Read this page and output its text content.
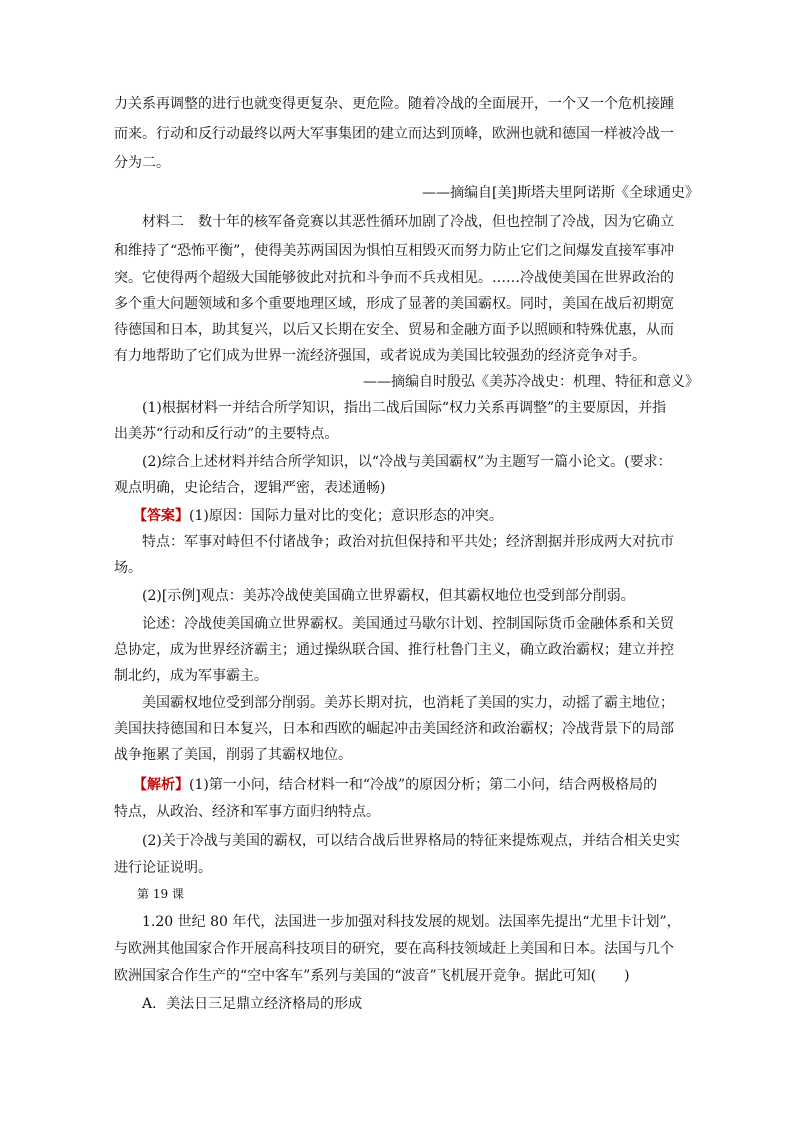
力关系再调整的进行也就变得更复杂、更危险。随着冷战的全面展开，一个又一个危机接踵
而来。行动和反行动最终以两大军事集团的建立而达到顶峰，欧洲也就和德国一样被冷战一
分为二。
——摘编自[美]斯塔夫里阿诺斯《全球通史》
材料二　数十年的核军备竞赛以其恶性循环加剧了冷战，但也控制了冷战，因为它确立
和维持了“恐怖平衡”，使得美苏两国因为惧怕互相毁灭而努力防止它们之间爆发直接军事冲
突。它使得两个超级大国能够彼此对抗和斗争而不兵戎相见。……冷战使美国在世界政治的
多个重大问题领域和多个重要地理区域，形成了显著的美国霸权。同时，美国在战后初期宽
待德国和日本，助其复兴，以后又长期在安全、贸易和金融方面予以照顾和特殊优惠，从而
有力地帮助了它们成为世界一流经济强国，或者说成为美国比较强劲的经济竞争对手。
——摘编自时殷弘《美苏冷战史：机理、特征和意义》
(1)根据材料一并结合所学知识，指出二战后国际“权力关系再调整”的主要原因，并指
出美苏“行动和反行动”的主要特点。
(2)综合上述材料并结合所学知识，以“冷战与美国霸权”为主题写一篇小论文。(要求：
观点明确，史论结合，逻辑严密，表述通畅)
【答案】(1)原因：国际力量对比的变化；意识形态的冲突。
特点：军事对峙但不付诸战争；政治对抗但保持和平共处；经济割据并形成两大对抗市
场。
(2)[示例]观点：美苏冷战使美国确立世界霸权，但其霸权地位也受到部分削弱。
论述：冷战使美国确立世界霸权。美国通过马歇尔计划、控制国际货币金融体系和关贸
总协定，成为世界经济霸主；通过操纵联合国、推行杜鲁门主义，确立政治霸权；建立并控
制北约，成为军事霸主。
美国霸权地位受到部分削弱。美苏长期对抗，也消耗了美国的实力，动摇了霸主地位；
美国扶持德国和日本复兴，日本和西欧的崛起冲击美国经济和政治霸权；冷战背景下的局部
战争拖累了美国，削弱了其霸权地位。
【解析】(1)第一小问，结合材料一和“冷战”的原因分析；第二小问，结合两极格局的
特点，从政治、经济和军事方面归纳特点。
(2)关于冷战与美国的霸权，可以结合战后世界格局的特征来提炼观点，并结合相关史实
进行论证说明。
第 19 课
1.20 世纪 80 年代，法国进一步加强对科技发展的规划。法国率先提出“尤里卡计划”，
与欧洲其他国家合作开展高科技项目的研究，要在高科技领域赶上美国和日本。法国与几个
欧洲国家合作生产的“空中客车”系列与美国的“波音”飞机展开竞争。据此可知(　　)
A．美法日三足鼎立经济格局的形成
